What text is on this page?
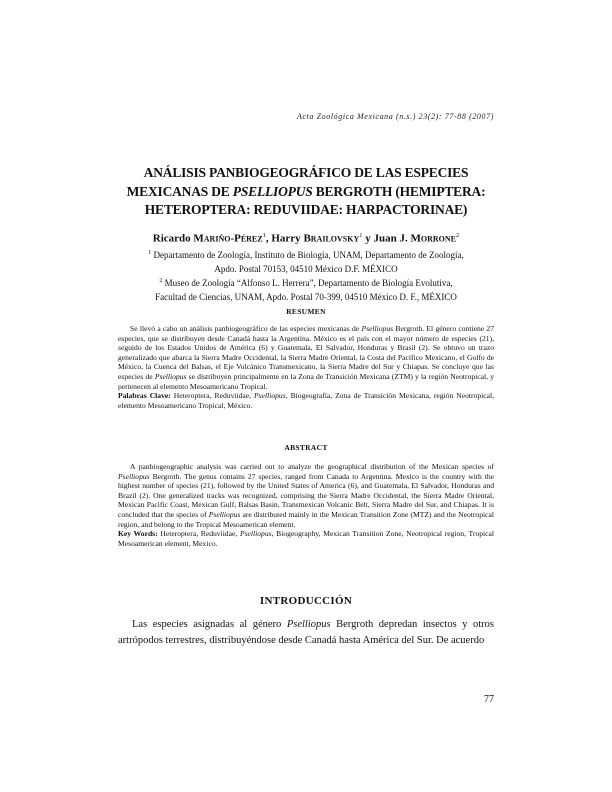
Acta Zoológica Mexicana (n.s.) 23(2): 77-88 (2007)
ANÁLISIS PANBIOGEOGRÁFICO DE LAS ESPECIES
MEXICANAS DE PSELLIOPUS BERGROTH (HEMIPTERA:
HETEROPTERA: REDUVIIDAE: HARPACTORINAE)
Ricardo Mariño-Pérez$^1$, Harry Brailovsky$^1$ y Juan J. Morrone$^2$
$^1$ Departamento de Zoología, Instituto de Biología, UNAM, Departamento de Zoología,
Apdo. Postal 70153, 04510 México D.F. MÉXICO
$^2$ Museo de Zoología “Alfonso L. Herrera”, Departamento de Biología Evolutiva,
Facultad de Ciencias, UNAM, Apdo. Postal 70-399, 04510 México D. F., MÉXICO
RESUMEN

Se llevó a cabo un análisis panbiogeográfico de las especies mexicanas de Pselliopus Bergroth. El género contiene 27 especies, que se distribuyen desde Canadá hasta la Argentina. México es el país con el mayor número de especies (21), seguido de los Estados Unidos de América (6) y Guatemala, El Salvador, Honduras y Brasil (2). Se obtuvo un trazo generalizado que abarca la Sierra Madre Occidental, la Sierra Madre Oriental, la Costa del Pacífico Mexicano, el Golfo de México, la Cuenca del Balsas, el Eje Volcánico Transmexicano, la Sierra Madre del Sur y Chiapas. Se concluye que las especies de Pselliopus se distribuyen principalmente en la Zona de Transición Mexicana (ZTM) y la región Neotropical, y pertenecen al elemento Mesoamericano Tropical.

Palabras Clave: Heteroptera, Reduviidae, Pselliopus, Biogeografía, Zona de Transición Mexicana, región Neotropical, elemento Mesoamericano Tropical, México.

ABSTRACT

A panbiogeographic analysis was carried out to analyze the geographical distribution of the Mexican species of Pselliopus Bergroth. The genus contains 27 species, ranged from Canada to Argentina. Mexico is the country with the highest number of species (21), followed by the United States of America (6), and Guatemala, El Salvador, Honduras and Brazil (2). One generalized tracks was recognized, comprising the Sierra Madre Occidental, the Sierra Madre Oriental, Mexican Pacific Coast, Mexican Gulf, Balsas Basin, Transmexican Volcanic Belt, Sierra Madre del Sur, and Chiapas. It is concluded that the species of Pselliopus are distributed mainly in the Mexican Transition Zone (MTZ) and the Neotropical region, and belong to the Tropical Mesoamerican element.

Key Words: Heteroptera, Reduviidae, Pselliopus, Biogeography, Mexican Transition Zone, Neotropical region, Tropical Mesoamerican element, Mexico.

INTRODUCCIÓN

Las especies asignadas al género Pselliopus Bergroth depredan insectos y otros artrópodos terrestres, distribuyéndose desde Canadá hasta América del Sur. De acuerdo

77
